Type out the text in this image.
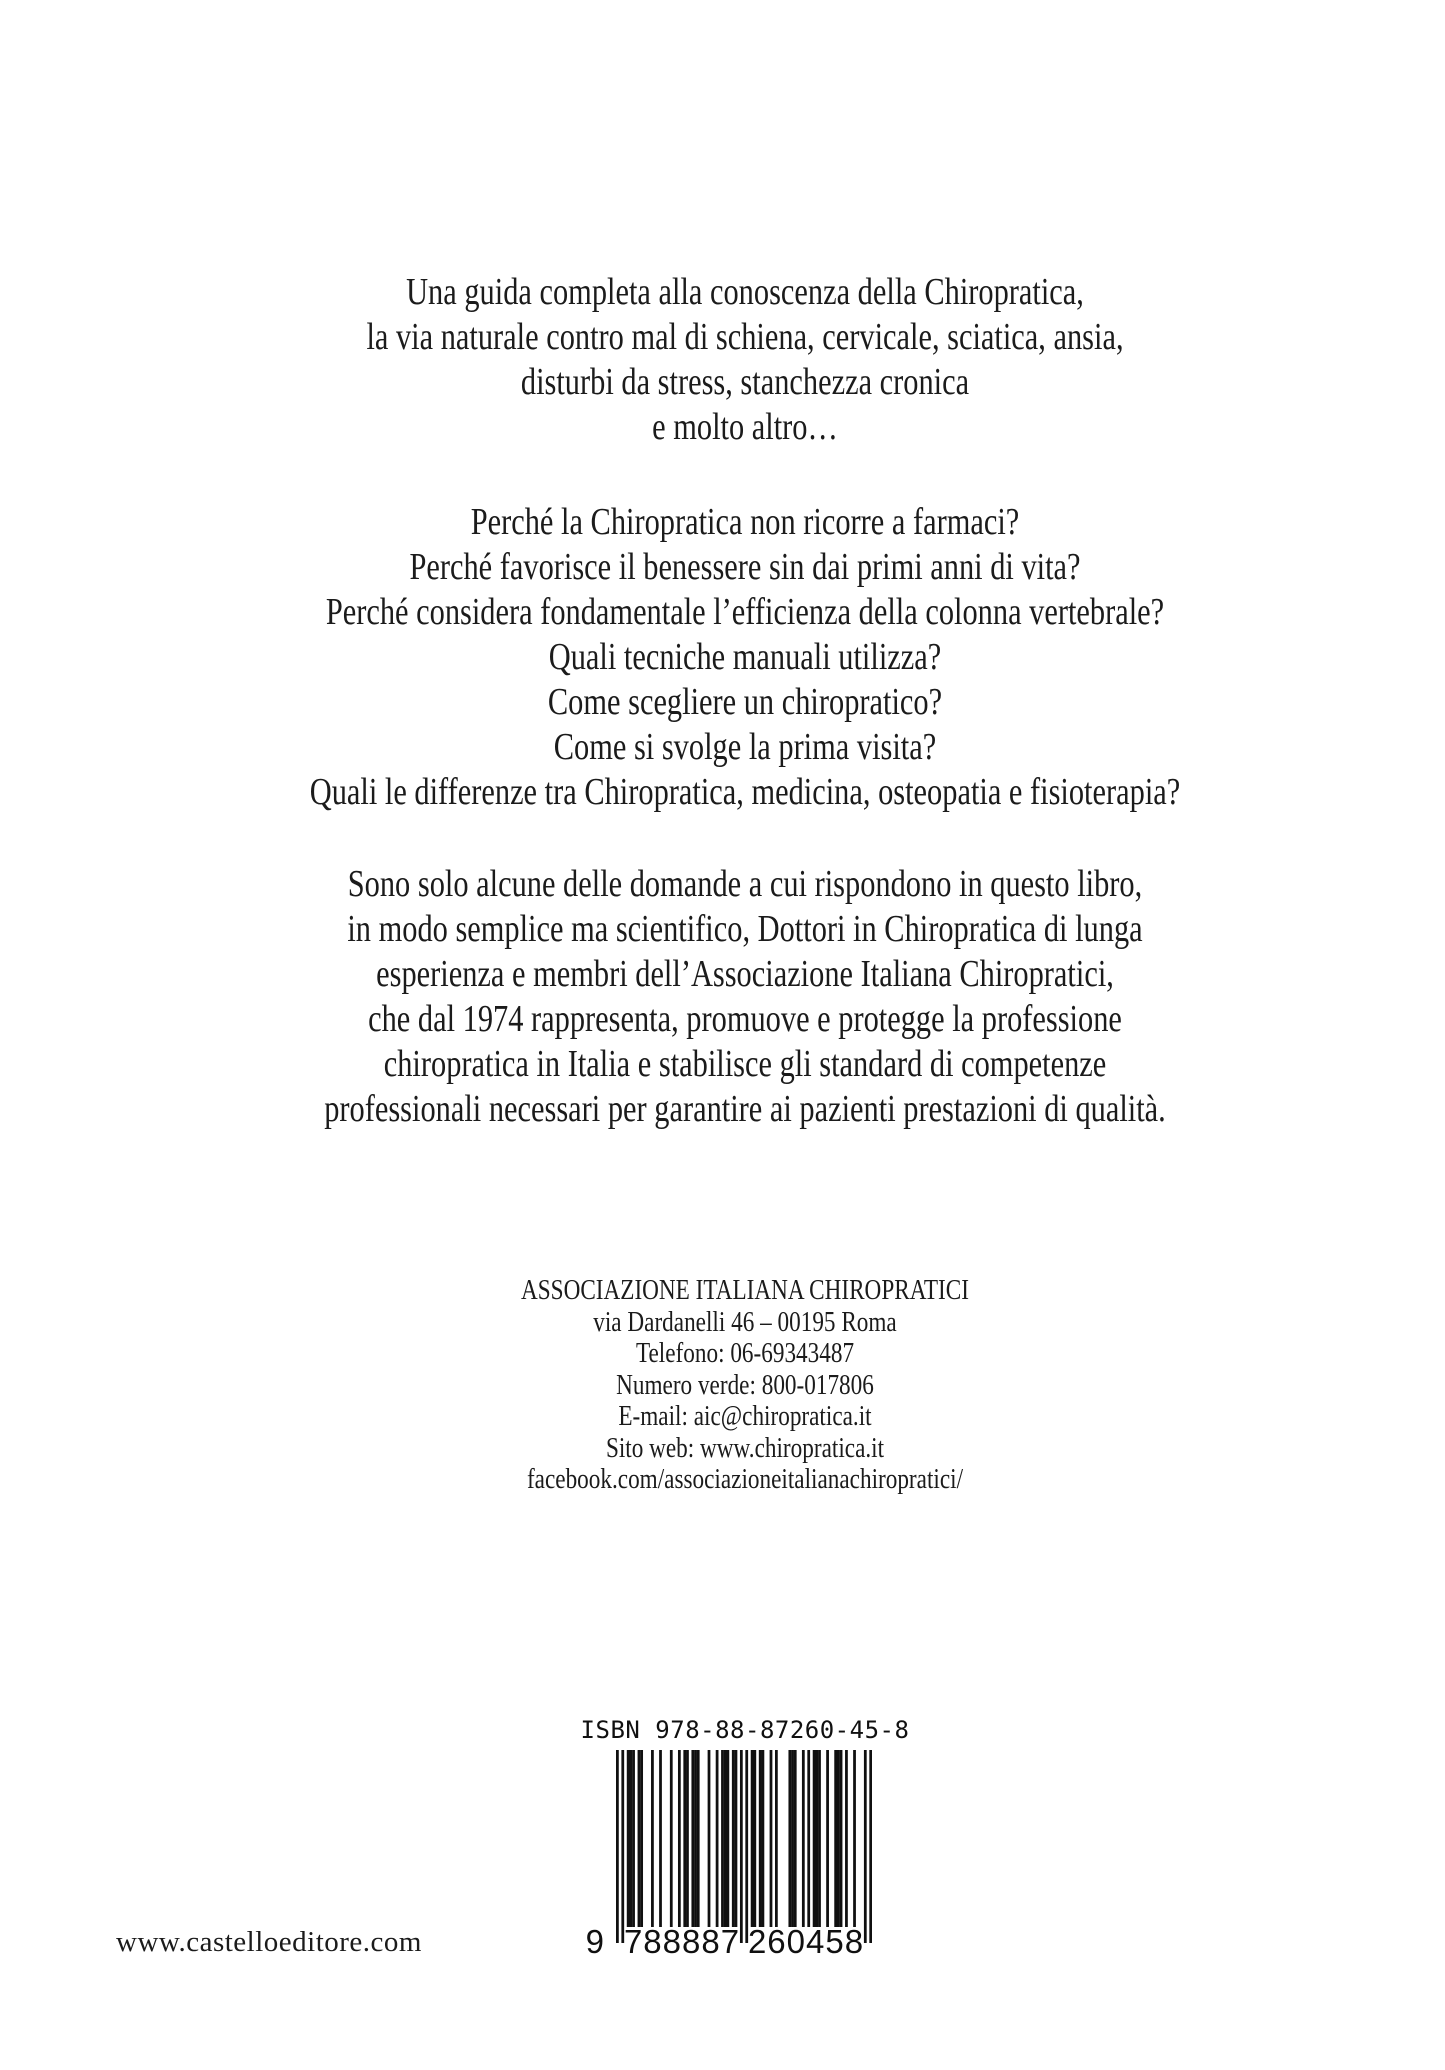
Una guida completa alla conoscenza della Chiropratica,
la via naturale contro mal di schiena, cervicale, sciatica, ansia,
disturbi da stress, stanchezza cronica
e molto altro…
Perché la Chiropratica non ricorre a farmaci?
Perché favorisce il benessere sin dai primi anni di vita?
Perché considera fondamentale l’efficienza della colonna vertebrale?
Quali tecniche manuali utilizza?
Come scegliere un chiropratico?
Come si svolge la prima visita?
Quali le differenze tra Chiropratica, medicina, osteopatia e fisioterapia?
Sono solo alcune delle domande a cui rispondono in questo libro,
in modo semplice ma scientifico, Dottori in Chiropratica di lunga
esperienza e membri dell’Associazione Italiana Chiropratici,
che dal 1974 rappresenta, promuove e protegge la professione
chiropratica in Italia e stabilisce gli standard di competenze
professionali necessari per garantire ai pazienti prestazioni di qualità.
ASSOCIAZIONE ITALIANA CHIROPRATICI
via Dardanelli 46 – 00195 Roma
Telefono: 06-69343487
Numero verde: 800-017806
E-mail: aic@chiropratica.it
Sito web: www.chiropratica.it
facebook.com/associazioneitalianachiropratici/
ISBN 978-88-87260-45-8
9 788887 260458
www.castelloeditore.com
